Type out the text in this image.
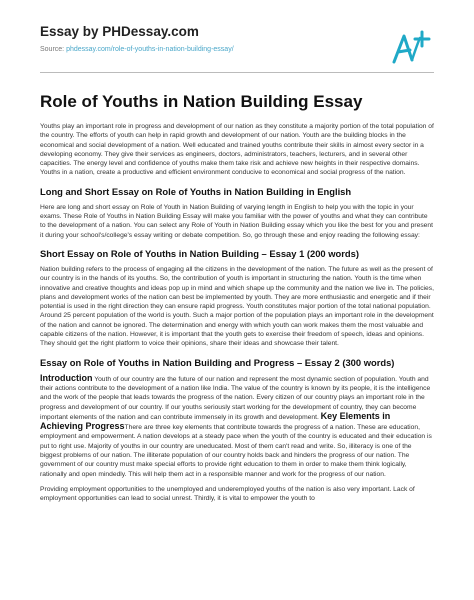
Essay by PHDessay.com
Source: phdessay.com/role-of-youths-in-nation-building-essay/
Role of Youths in Nation Building Essay

Youths play an important role in progress and development of our nation as they constitute a majority portion of the total population of the country. The efforts of youth can help in rapid growth and development of our nation. Youth are the building blocks in the economical and social development of a nation. Well educated and trained youths contribute their skills in almost every sector in a developing economy. They give their services as engineers, doctors, administrators, teachers, lecturers, and in several other capacities. The energy level and confidence of youths make them take risk and achieve new heights in their respective domains. Youths in a nation, create a productive and efficient environment conducive to economical and social progress of the nation.

Long and Short Essay on Role of Youths in Nation Building in English

Here are long and short essay on Role of Youth in Nation Building of varying length in English to help you with the topic in your exams. These Role of Youths in Nation Building Essay will make you familiar with the power of youths and what they can contribute to the development of a nation. You can select any Role of Youth in Nation Building essay which you like the best for you and present it during your school's/college's essay writing or debate competition. So, go through these and enjoy reading the following essay:

Short Essay on Role of Youths in Nation Building – Essay 1 (200 words)

Nation building refers to the process of engaging all the citizens in the development of the nation. The future as well as the present of our country is in the hands of its youths. So, the contribution of youth is important in structuring the nation. Youth is the time when innovative and creative thoughts and ideas pop up in mind and which shape up the community and the nation we live in. The policies, plans and development works of the nation can best be implemented by youth. They are more enthusiastic and energetic and if their potential is used in the right direction they can ensure rapid progress. Youth constitutes major portion of the total national population. Around 25 percent population of the world is youth. Such a major portion of the population plays an important role in the development of the nation and cannot be ignored. The determination and energy with which youth can work makes them the most valuable and capable citizens of the nation. However, it is important that the youth gets to exercise their freedom of speech, ideas and opinions. They should get the right platform to voice their opinions, share their ideas and showcase their talent.

Essay on Role of Youths in Nation Building and Progress – Essay 2 (300 words)

Introduction Youth of our country are the future of our nation and represent the most dynamic section of population. Youth and their actions contribute to the development of a nation like India. The value of the country is known by its people, it is the intelligence and the work of the people that leads towards the progress of the nation. Every citizen of our country plays an important role in the progress and development of our country. If our youths seriously start working for the development of country, they can become important elements of the nation and can contribute immensely in its growth and development. Key Elements in Achieving ProgressThere are three key elements that contribute towards the progress of a nation. These are education, employment and empowerment. A nation develops at a steady pace when the youth of the country is educated and their education is put to right use. Majority of youths in our country are uneducated. Most of them can't read and write. So, illiteracy is one of the biggest problems of our nation. The illiterate population of our country holds back and hinders the progress of our nation. The government of our country must make special efforts to provide right education to them in order to make them think logically, rationally and open mindedly. This will help them act in a responsible manner and work for the progress of our nation.

Providing employment opportunities to the unemployed and underemployed youths of the nation is also very important. Lack of employment opportunities can lead to social unrest. Thirdly, it is vital to empower the youth to
